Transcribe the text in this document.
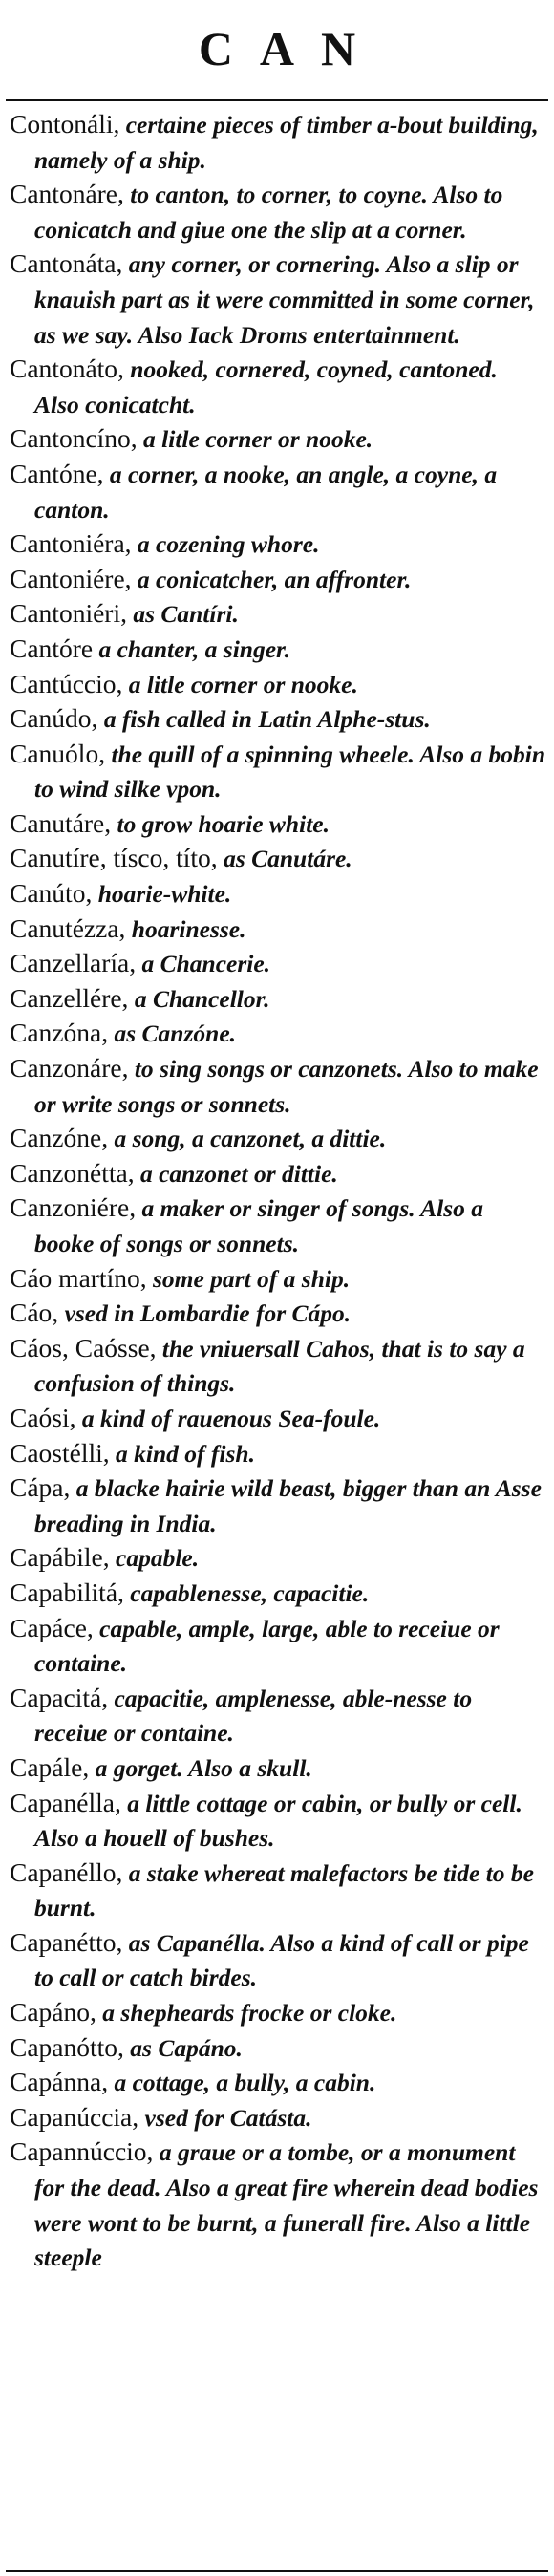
CAN
Contonáli, certaine pieces of timber a-bout building, namely of a ship.
Cantonáre, to canton, to corner, to coyne. Also to conicatch and giue one the slip at a corner.
Cantonáta, any corner, or cornering. Also a slip or knauish part as it were committed in some corner, as we say. Also Iack Droms entertainment.
Cantonáto, nooked, cornered, coyned, cantoned. Also conicatcht.
Cantoncíno, a litle corner or nooke.
Cantóne, a corner, a nooke, an angle, a coyne, a canton.
Cantoniéra, a cozening whore.
Cantoniére, a conicatcher, an affronter.
Cantoniéri, as Cantíri.
Cantóre a chanter, a singer.
Cantúccio, a litle corner or nooke.
Canúdo, a fish called in Latin Alphe-stus.
Canuólo, the quill of a spinning wheele. Also a bobin to wind silke vpon.
Canutáre, to grow hoarie white.
Canutíre, tísco, títo, as Canutáre.
Canúto, hoarie-white.
Canutézza, hoarinesse.
Canzellaría, a Chancerie.
Canzellére, a Chancellor.
Canzóna, as Canzóne.
Canzonáre, to sing songs or canzonets. Also to make or write songs or sonnets.
Canzóne, a song, a canzonet, a dittie.
Canzonétta, a canzonet or dittie.
Canzoniére, a maker or singer of songs. Also a booke of songs or sonnets.
Cáo martíno, some part of a ship.
Cáo, vsed in Lombardie for Cápo.
Cáos, Caósse, the vniuersall Cahos, that is to say a confusion of things.
Caósi, a kind of rauenous Sea-foule.
Caostélli, a kind of fish.
Cápa, a blacke hairie wild beast, bigger than an Asse breading in India.
Capábile, capable.
Capabilitá, capablenesse, capacitie.
Capáce, capable, ample, large, able to receiue or containe.
Capacitá, capacitie, amplenesse, able-nesse to receiue or containe.
Capále, a gorget. Also a skull.
Capanélla, a little cottage or cabin, or bully or cell. Also a houell of bushes.
Capanéllo, a stake whereat malefactors be tide to be burnt.
Capanétto, as Capanélla. Also a kind of call or pipe to call or catch birdes.
Capáno, a shepheards frocke or cloke.
Capanótto, as Capáno.
Capánna, a cottage, a bully, a cabin.
Capanúccia, vsed for Catásta.
Capannúccio, a graue or a tombe, or a monument for the dead. Also a great fire wherein dead bodies were wont to be burnt, a funerall fire. Also a little steeple
